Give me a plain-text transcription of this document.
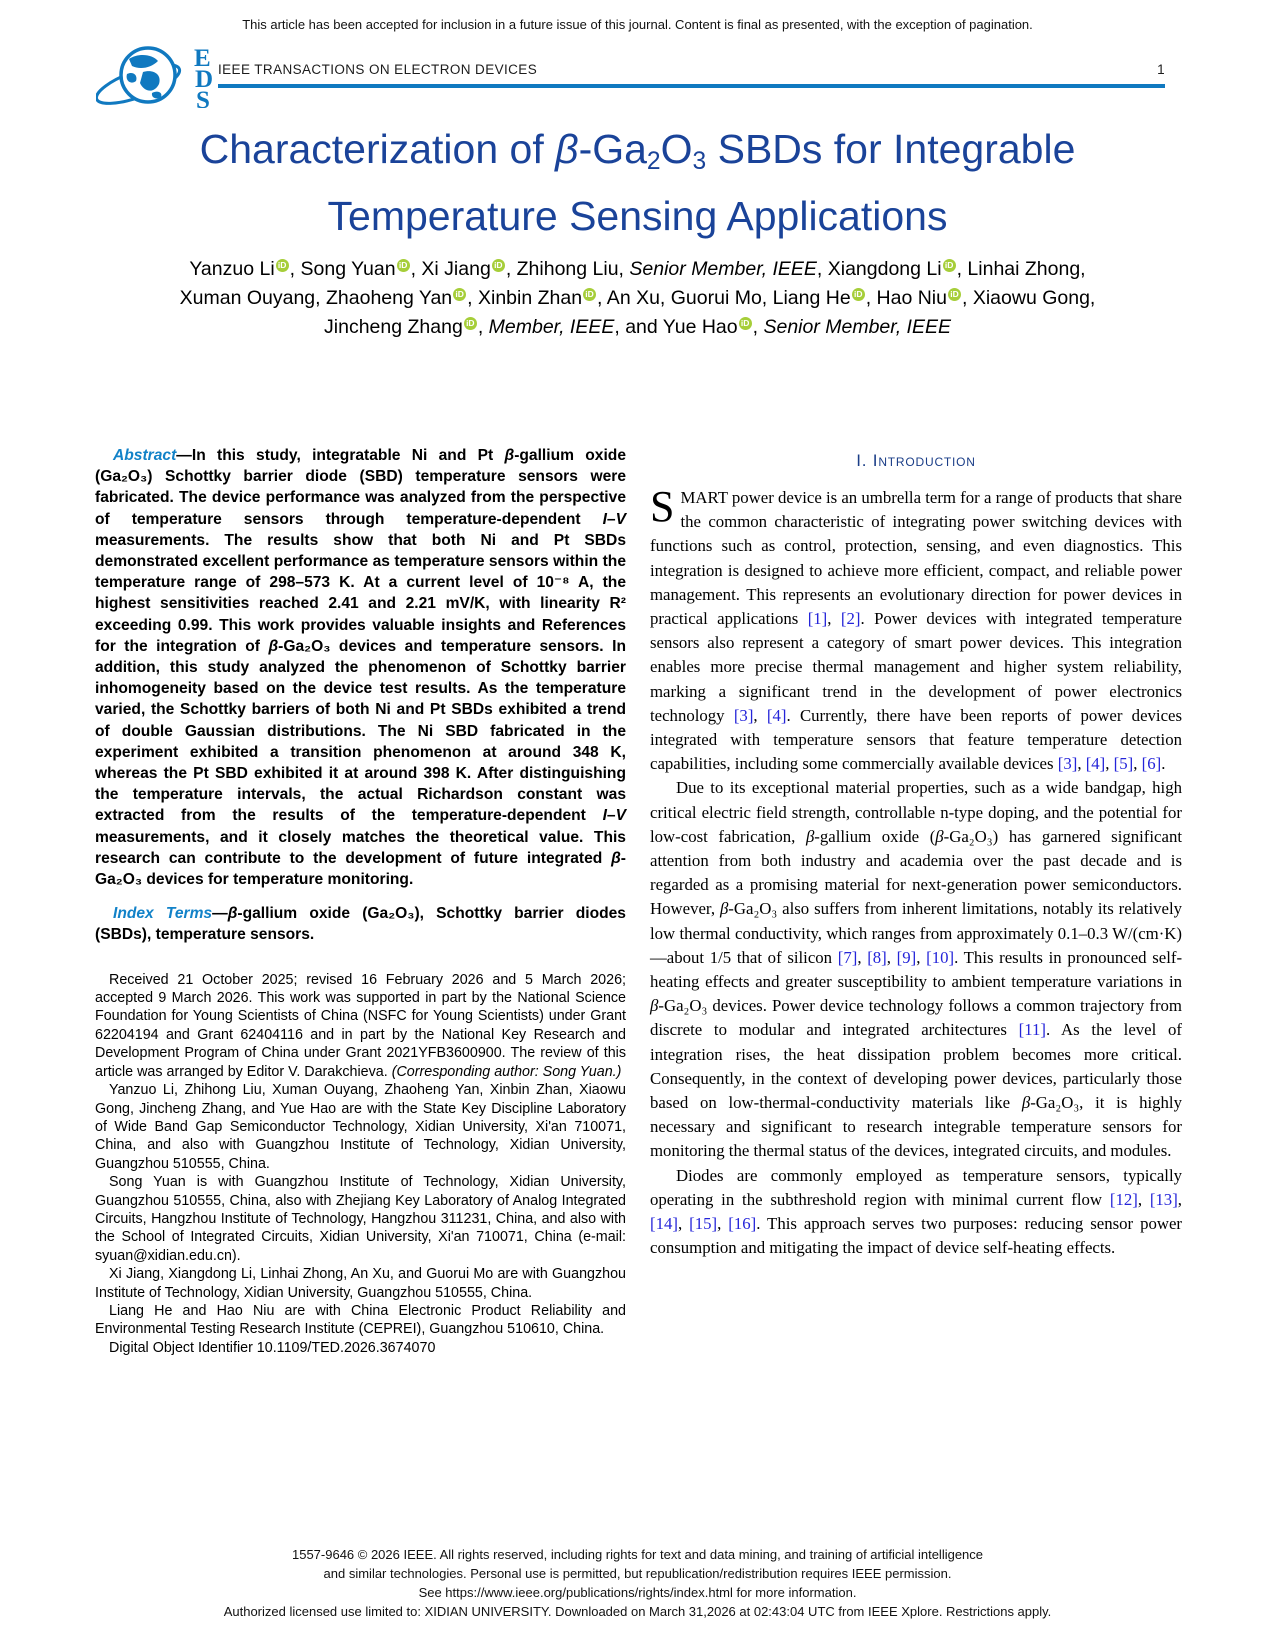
This article has been accepted for inclusion in a future issue of this journal. Content is final as presented, with the exception of pagination.
E
D
S
IEEE TRANSACTIONS ON ELECTRON DEVICES	1
Characterization of $\beta-Ga_2O_3$ SBDs for Integrable
Temperature Sensing Applications
Yanzuo Li iD , Song Yuan iD , Xi Jiang iD , Zhihong Liu, Senior Member, IEEE, Xiangdong Li iD , Linhai Zhong,
Xuman Ouyang, Zhaoheng Yan iD , Xinbin Zhan iD , An Xu, Guorui Mo, Liang He iD , Hao Niu iD , Xiaowu Gong,
Jincheng Zhang iD , Member, IEEE, and Yue Hao iD , Senior Member, IEEE

Abstract—In this study, integratable Ni and Pt β-gallium oxide (Ga₂O₃) Schottky barrier diode (SBD) temperature sensors were fabricated. The device performance was analyzed from the perspective of temperature sensors through temperature-dependent I–V measurements. The results show that both Ni and Pt SBDs demonstrated excellent performance as temperature sensors within the temperature range of 298–573 K. At a current level of 10⁻⁸ A, the highest sensitivities reached 2.41 and 2.21 mV/K, with linearity R² exceeding 0.99. This work provides valuable insights and References for the integration of β-Ga₂O₃ devices and temperature sensors. In addition, this study analyzed the phenomenon of Schottky barrier inhomogeneity based on the device test results. As the temperature varied, the Schottky barriers of both Ni and Pt SBDs exhibited a trend of double Gaussian distributions. The Ni SBD fabricated in the experiment exhibited a transition phenomenon at around 348 K, whereas the Pt SBD exhibited it at around 398 K. After distinguishing the temperature intervals, the actual Richardson constant was extracted from the results of the temperature-dependent I–V measurements, and it closely matches the theoretical value. This research can contribute to the development of future integrated β-Ga₂O₃ devices for temperature monitoring.

Index Terms—β-gallium oxide (Ga₂O₃), Schottky barrier diodes (SBDs), temperature sensors.

Received 21 October 2025; revised 16 February 2026 and 5 March 2026; accepted 9 March 2026. This work was supported in part by the National Science Foundation for Young Scientists of China (NSFC for Young Scientists) under Grant 62204194 and Grant 62404116 and in part by the National Key Research and Development Program of China under Grant 2021YFB3600900. The review of this article was arranged by Editor V. Darakchieva. (Corresponding author: Song Yuan.)

Yanzuo Li, Zhihong Liu, Xuman Ouyang, Zhaoheng Yan, Xinbin Zhan, Xiaowu Gong, Jincheng Zhang, and Yue Hao are with the State Key Discipline Laboratory of Wide Band Gap Semiconductor Technology, Xidian University, Xi'an 710071, China, and also with Guangzhou Institute of Technology, Xidian University, Guangzhou 510555, China.

Song Yuan is with Guangzhou Institute of Technology, Xidian University, Guangzhou 510555, China, also with Zhejiang Key Laboratory of Analog Integrated Circuits, Hangzhou Institute of Technology, Hangzhou 311231, China, and also with the School of Integrated Circuits, Xidian University, Xi'an 710071, China (e-mail: syuan@xidian.edu.cn).

Xi Jiang, Xiangdong Li, Linhai Zhong, An Xu, and Guorui Mo are with Guangzhou Institute of Technology, Xidian University, Guangzhou 510555, China.

Liang He and Hao Niu are with China Electronic Product Reliability and Environmental Testing Research Institute (CEPREI), Guangzhou 510610, China.

Digital Object Identifier 10.1109/TED.2026.3674070

I. Introduction

SMART power device is an umbrella term for a range of products that share the common characteristic of integrating power switching devices with functions such as control, protection, sensing, and even diagnostics. This integration is designed to achieve more efficient, compact, and reliable power management. This represents an evolutionary direction for power devices in practical applications [1], [2]. Power devices with integrated temperature sensors also represent a category of smart power devices. This integration enables more precise thermal management and higher system reliability, marking a significant trend in the development of power electronics technology [3], [4]. Currently, there have been reports of power devices integrated with temperature sensors that feature temperature detection capabilities, including some commercially available devices [3], [4], [5], [6].

Due to its exceptional material properties, such as a wide bandgap, high critical electric field strength, controllable n-type doping, and the potential for low-cost fabrication, β-gallium oxide (β-Ga₂O₃) has garnered significant attention from both industry and academia over the past decade and is regarded as a promising material for next-generation power semiconductors. However, β-Ga₂O₃ also suffers from inherent limitations, notably its relatively low thermal conductivity, which ranges from approximately 0.1–0.3 W/(cm·K)—about 1/5 that of silicon [7], [8], [9], [10]. This results in pronounced self-heating effects and greater susceptibility to ambient temperature variations in β-Ga₂O₃ devices. Power device technology follows a common trajectory from discrete to modular and integrated architectures [11]. As the level of integration rises, the heat dissipation problem becomes more critical. Consequently, in the context of developing power devices, particularly those based on low-thermal-conductivity materials like β-Ga₂O₃, it is highly necessary and significant to research integrable temperature sensors for monitoring the thermal status of the devices, integrated circuits, and modules.

Diodes are commonly employed as temperature sensors, typically operating in the subthreshold region with minimal current flow [12], [13], [14], [15], [16]. This approach serves two purposes: reducing sensor power consumption and mitigating the impact of device self-heating effects.

1557-9646 © 2026 IEEE. All rights reserved, including rights for text and data mining, and training of artificial intelligence
and similar technologies. Personal use is permitted, but republication/redistribution requires IEEE permission.
See https://www.ieee.org/publications/rights/index.html for more information.
Authorized licensed use limited to: XIDIAN UNIVERSITY. Downloaded on March 31,2026 at 02:43:04 UTC from IEEE Xplore. Restrictions apply.
